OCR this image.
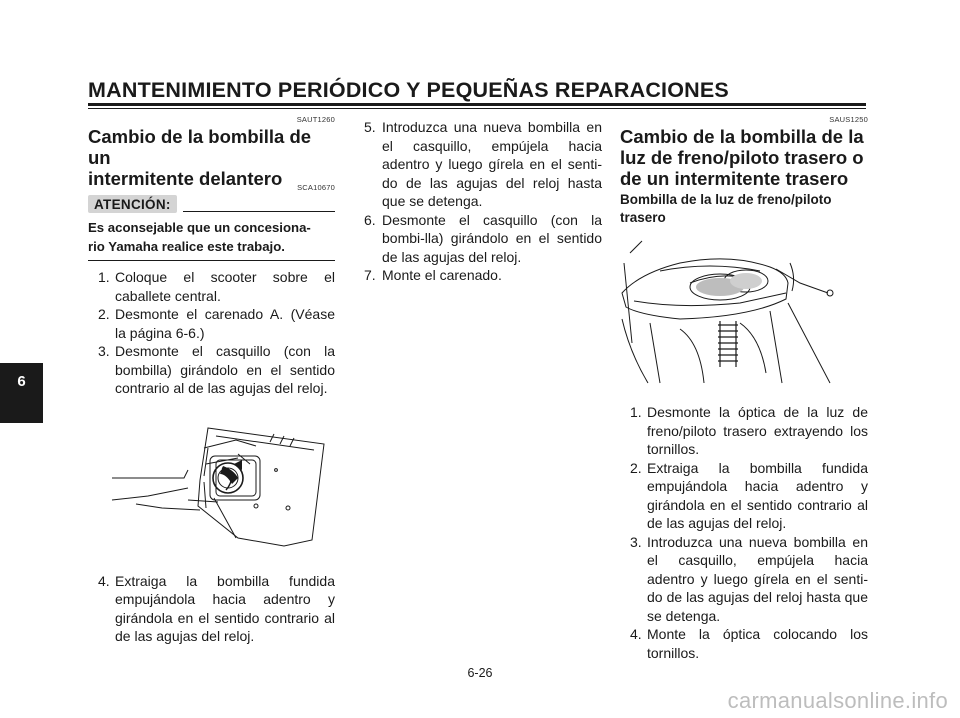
MANTENIMIENTO PERIÓDICO Y PEQUEÑAS REPARACIONES
6
SAUT1260
Cambio de la bombilla de un
intermitente delantero	SCA10670
ATENCIÓN:
Es aconsejable que un concesiona-
rio Yamaha realice este trabajo.
1. Coloque el scooter sobre el caballete central.
2. Desmonte el carenado A. (Véase la página 6-6.)
3. Desmonte el casquillo (con la bombilla) girándolo en el sentido contrario al de las agujas del reloj.
4. Extraiga la bombilla fundida empujándola hacia adentro y girándola en el sentido contrario al de las agujas del reloj.
5. Introduzca una nueva bombilla en el casquillo, empújela hacia adentro y luego gírela en el senti-do de las agujas del reloj hasta que se detenga.
6. Desmonte el casquillo (con la bombi-lla) girándolo en el sentido de las agujas del reloj.
7. Monte el carenado.
SAUS1250
Cambio de la bombilla de la
luz de freno/piloto trasero o
de un intermitente trasero
Bombilla de la luz de freno/piloto
trasero
1. Desmonte la óptica de la luz de freno/piloto trasero extrayendo los tornillos.
2. Extraiga la bombilla fundida empujándola hacia adentro y girándola en el sentido contrario al de las agujas del reloj.
3. Introduzca una nueva bombilla en el casquillo, empújela hacia adentro y luego gírela en el senti-do de las agujas del reloj hasta que se detenga.
4. Monte la óptica colocando los tornillos.
6-26
carmanualsonline.info
